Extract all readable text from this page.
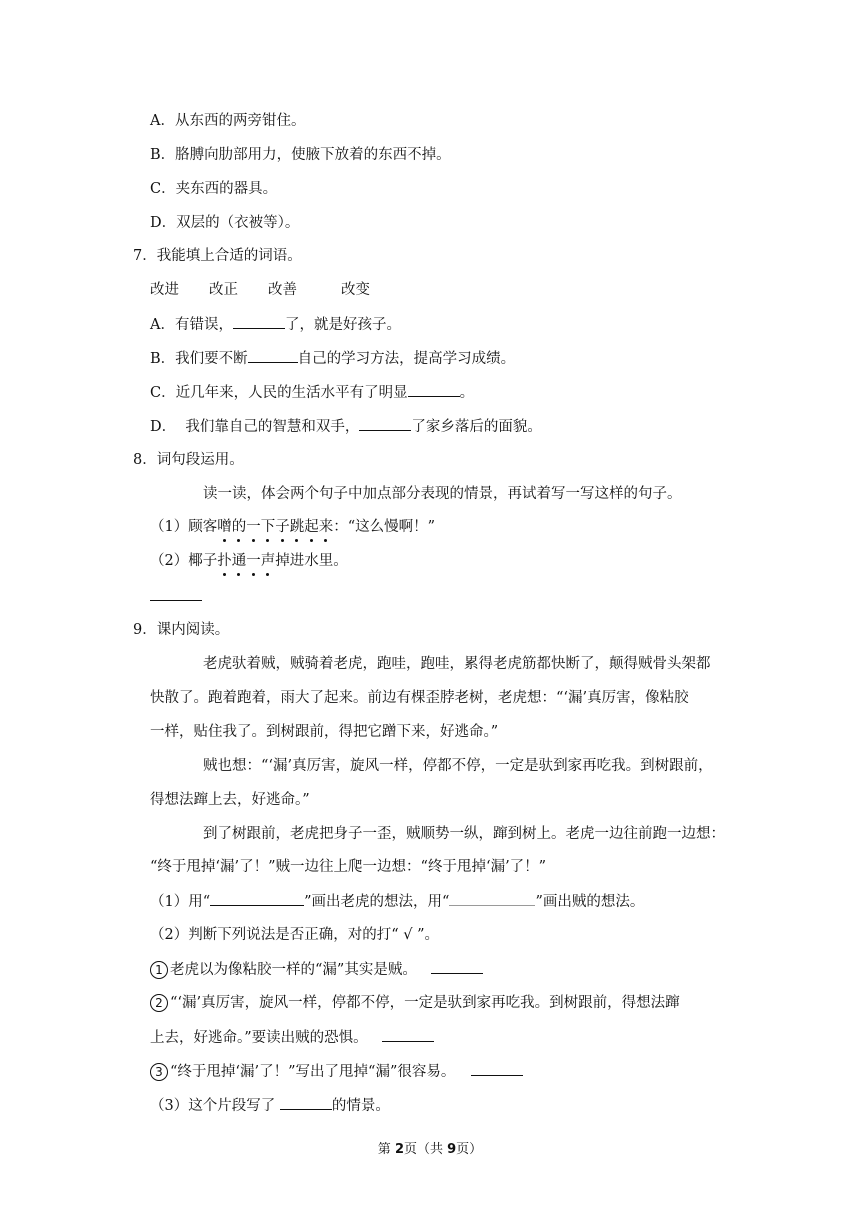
A．从东西的两旁钳住。
B．胳膊向肋部用力，使腋下放着的东西不掉。
C．夹东西的器具。
D．双层的（衣被等）。
7．我能填上合适的词语。
改进 改正 改善	改变
A．有错误，	了，就是好孩子。
B．我们要不断	自己的学习方法，提高学习成绩。
C．近几年来，人民的生活水平有了明显	。
D．  我们靠自己的智慧和双手，	了家乡落后的面貌。
8．词句段运用。
读一读，体会两个句子中加点部分表现的情景，再试着写一写这样的句子。
（1）顾客噌的一下子跳起来：“这么慢啊！”
（2）椰子扑通一声掉进水里。
9．课内阅读。
老虎驮着贼，贼骑着老虎，跑哇，跑哇，累得老虎筋都快断了，颠得贼骨头架都
快散了。跑着跑着，雨大了起来。前边有棵歪脖老树，老虎想：“‘漏’真厉害，像粘胶
一样，贴住我了。到树跟前，得把它蹭下来，好逃命。”
贼也想：“‘漏’真厉害，旋风一样，停都不停，一定是驮到家再吃我。到树跟前，
得想法蹿上去，好逃命。”
到了树跟前，老虎把身子一歪，贼顺势一纵，蹿到树上。老虎一边往前跑一边想：
“终于甩掉‘漏’了！”贼一边往上爬一边想：“终于甩掉‘漏’了！”
（1）用“	”画出老虎的想法，用“	”画出贼的想法。
（2）判断下列说法是否正确，对的打“ √ ”。
1 老虎以为像粘胶一样的“漏”其实是贼。
2 “‘漏’真厉害，旋风一样，停都不停，一定是驮到家再吃我。到树跟前，得想法蹿
上去，好逃命。”要读出贼的恐惧。
3 “终于甩掉‘漏’了！”写出了甩掉“漏”很容易。
（3）这个片段写了	的情景。
第 2页（共 9页）
